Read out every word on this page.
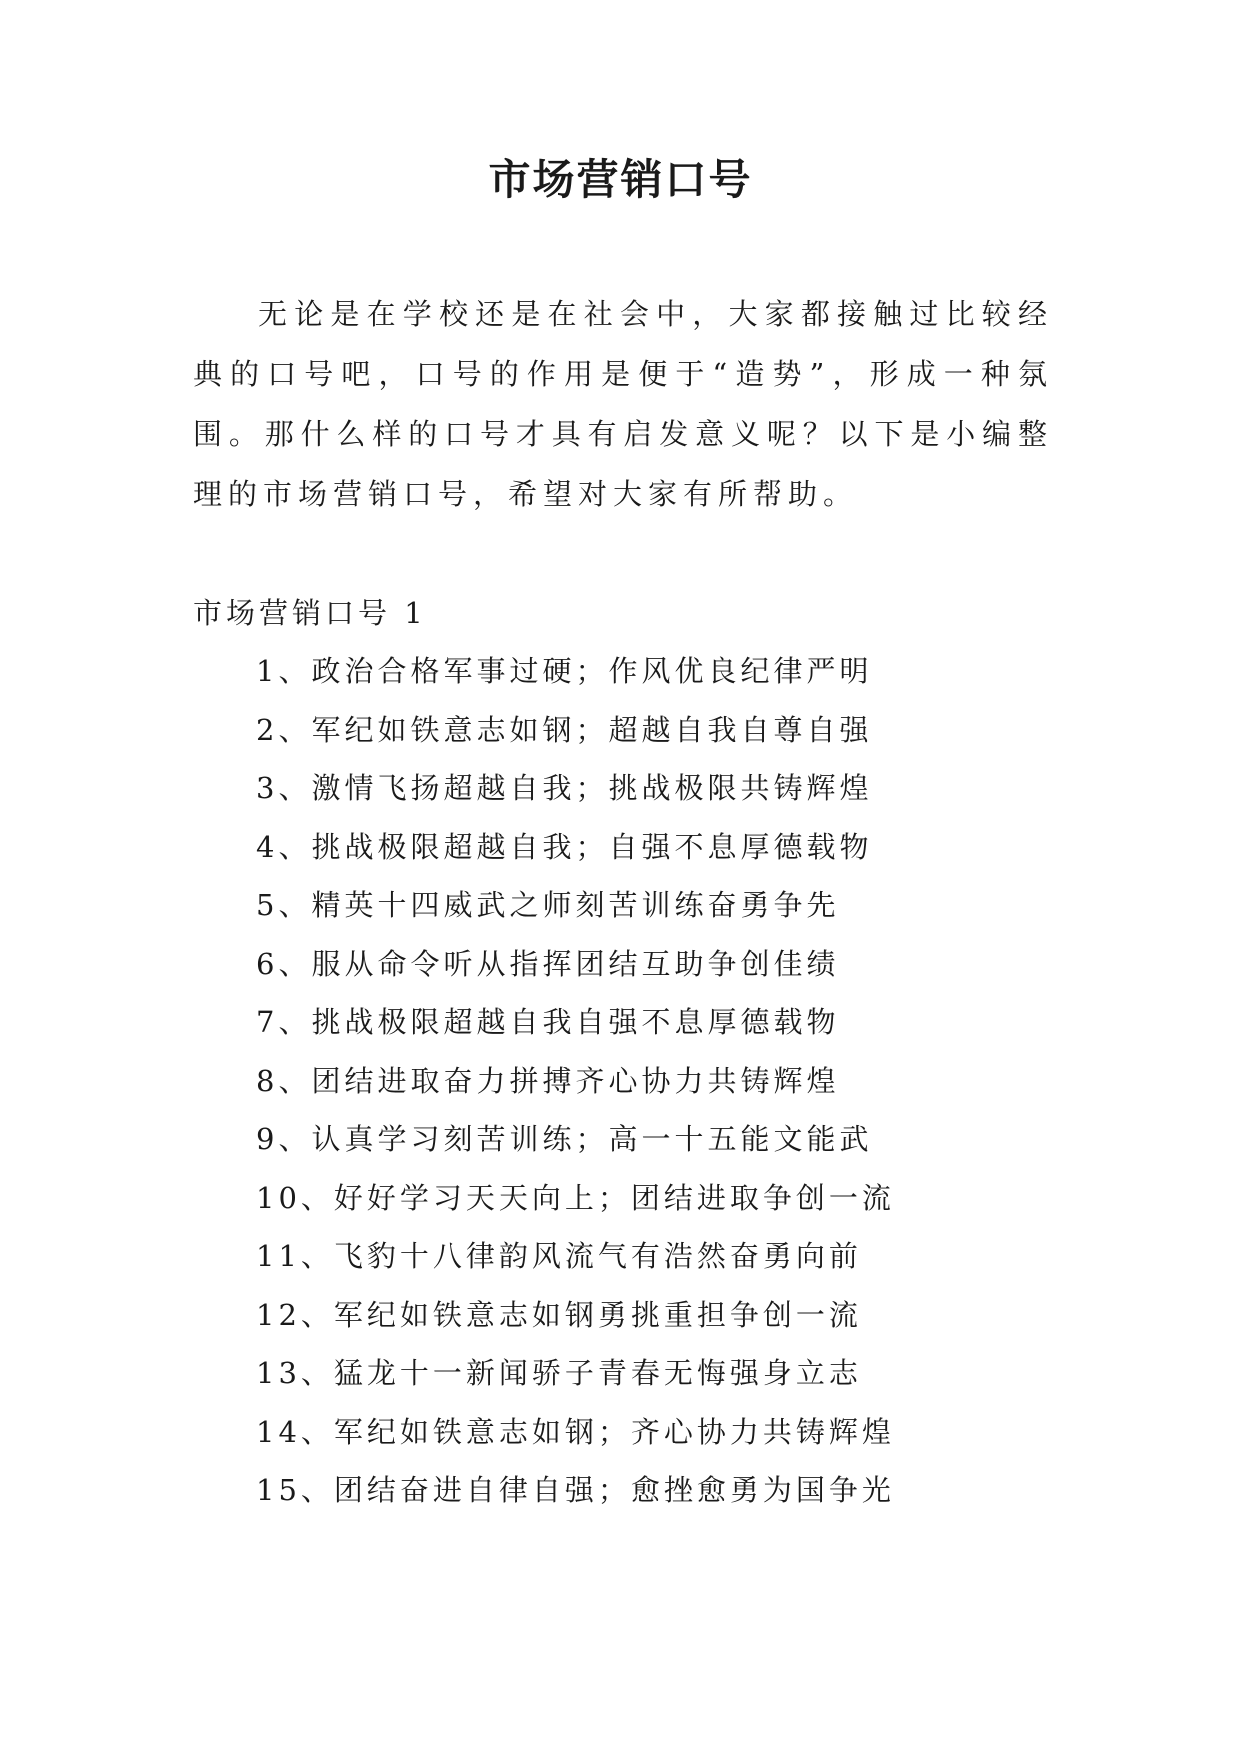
市场营销口号

无论是在学校还是在社会中，大家都接触过比较经典的口号吧，口号的作用是便于“造势”，形成一种氛围。那什么样的口号才具有启发意义呢？以下是小编整理的市场营销口号，希望对大家有所帮助。

市场营销口号 1
1、政治合格军事过硬；作风优良纪律严明
2、军纪如铁意志如钢；超越自我自尊自强
3、激情飞扬超越自我；挑战极限共铸辉煌
4、挑战极限超越自我；自强不息厚德载物
5、精英十四威武之师刻苦训练奋勇争先
6、服从命令听从指挥团结互助争创佳绩
7、挑战极限超越自我自强不息厚德载物
8、团结进取奋力拼搏齐心协力共铸辉煌
9、认真学习刻苦训练；高一十五能文能武
10、好好学习天天向上；团结进取争创一流
11、飞豹十八律韵风流气有浩然奋勇向前
12、军纪如铁意志如钢勇挑重担争创一流
13、猛龙十一新闻骄子青春无悔强身立志
14、军纪如铁意志如钢；齐心协力共铸辉煌
15、团结奋进自律自强；愈挫愈勇为国争光
